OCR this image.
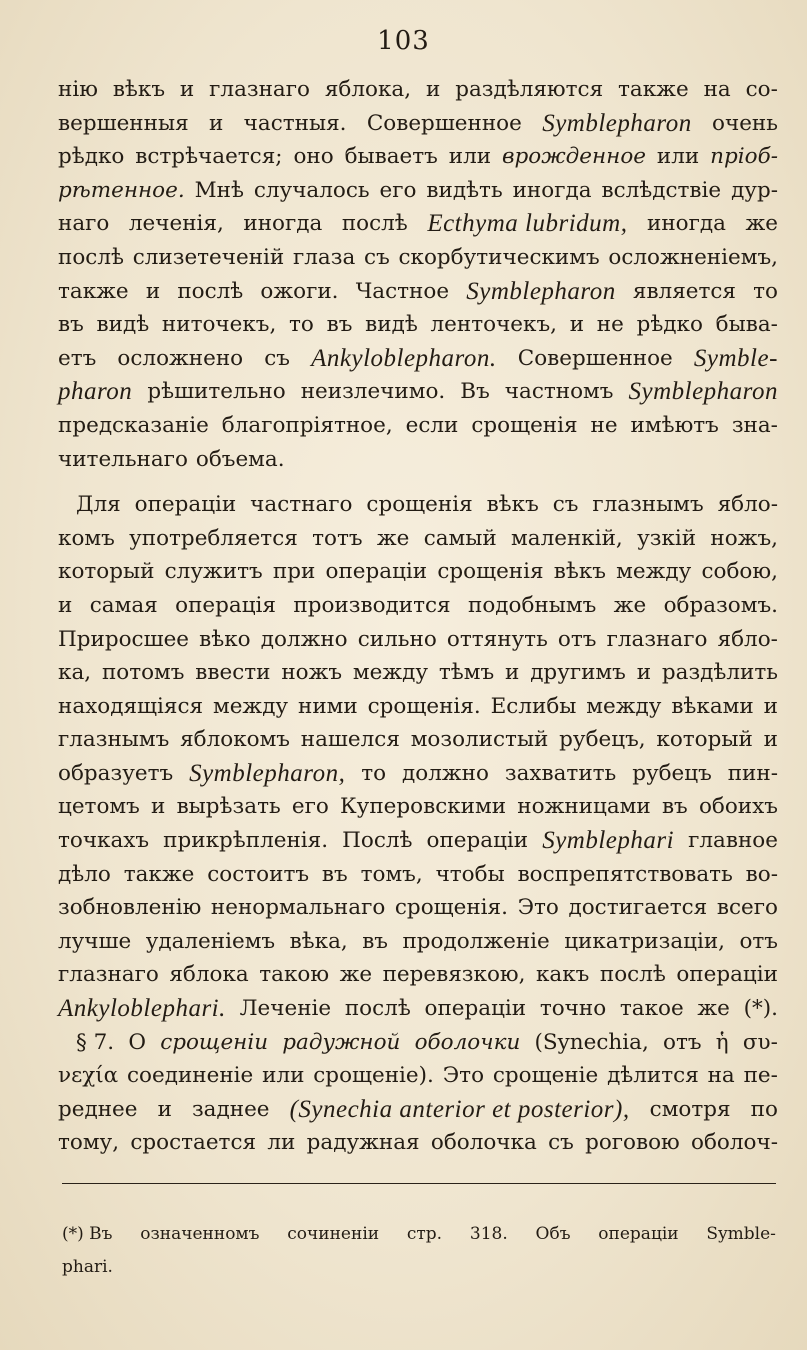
103
нію вѣкъ и глазнаго яблока, и раздѣляются также на со-
вершенныя и частныя. Совершенное Symblepharon очень
рѣдко встрѣчается; оно бываетъ или врожденное или пріоб-
рѣтенное. Мнѣ случалось его видѣть иногда вслѣдствіе дур-
наго леченія, иногда послѣ Ecthyma lubridum, иногда же
послѣ слизетеченій глаза съ скорбутическимъ осложненіемъ,
также и послѣ ожоги. Частное Symblepharon является то
въ видѣ ниточекъ, то въ видѣ ленточекъ, и не рѣдко быва-
етъ осложнено съ Ankyloblepharon. Совершенное Symble-
pharon рѣшительно неизлечимо. Въ частномъ Symblepharon
предсказаніе благопріятное, если срощенія не имѣютъ зна-
чительнаго объема.
Для операціи частнаго срощенія вѣкъ съ глазнымъ ябло-
комъ употребляется тотъ же самый маленкій, узкій ножъ,
который служитъ при операціи срощенія вѣкъ между собою,
и самая операція производится подобнымъ же образомъ.
Приросшее вѣко должно сильно оттянуть отъ глазнаго ябло-
ка, потомъ ввести ножъ между тѣмъ и другимъ и раздѣлить
находящіяся между ними срощенія. Еслибы между вѣками и
глазнымъ яблокомъ нашелся мозолистый рубецъ, который и
образуетъ Symblepharon, то должно захватить рубецъ пин-
цетомъ и вырѣзать его Куперовскими ножницами въ обоихъ
точкахъ прикрѣпленія. Послѣ операціи Symblephari главное
дѣло также состоитъ въ томъ, чтобы воспрепятствовать во-
зобновленію ненормальнаго срощенія. Это достигается всего
лучше удаленіемъ вѣка, въ продолженіе цикатризаціи, отъ
глазнаго яблока такою же перевязкою, какъ послѣ операціи
Ankyloblephari. Леченіе послѣ операціи точно такое же (*).
§ 7. О срощеніи радужной оболочки (Synechia, отъ ἡ συ-
νεχία соединеніе или срощеніе). Это срощеніе дѣлится на пе-
реднее и заднее (Synechia anterior et posterior), смотря по
тому, сростается ли радужная оболочка съ роговою оболоч-
(*) Въ означенномъ сочиненіи стр. 318. Объ операціи Symble-
phari.
